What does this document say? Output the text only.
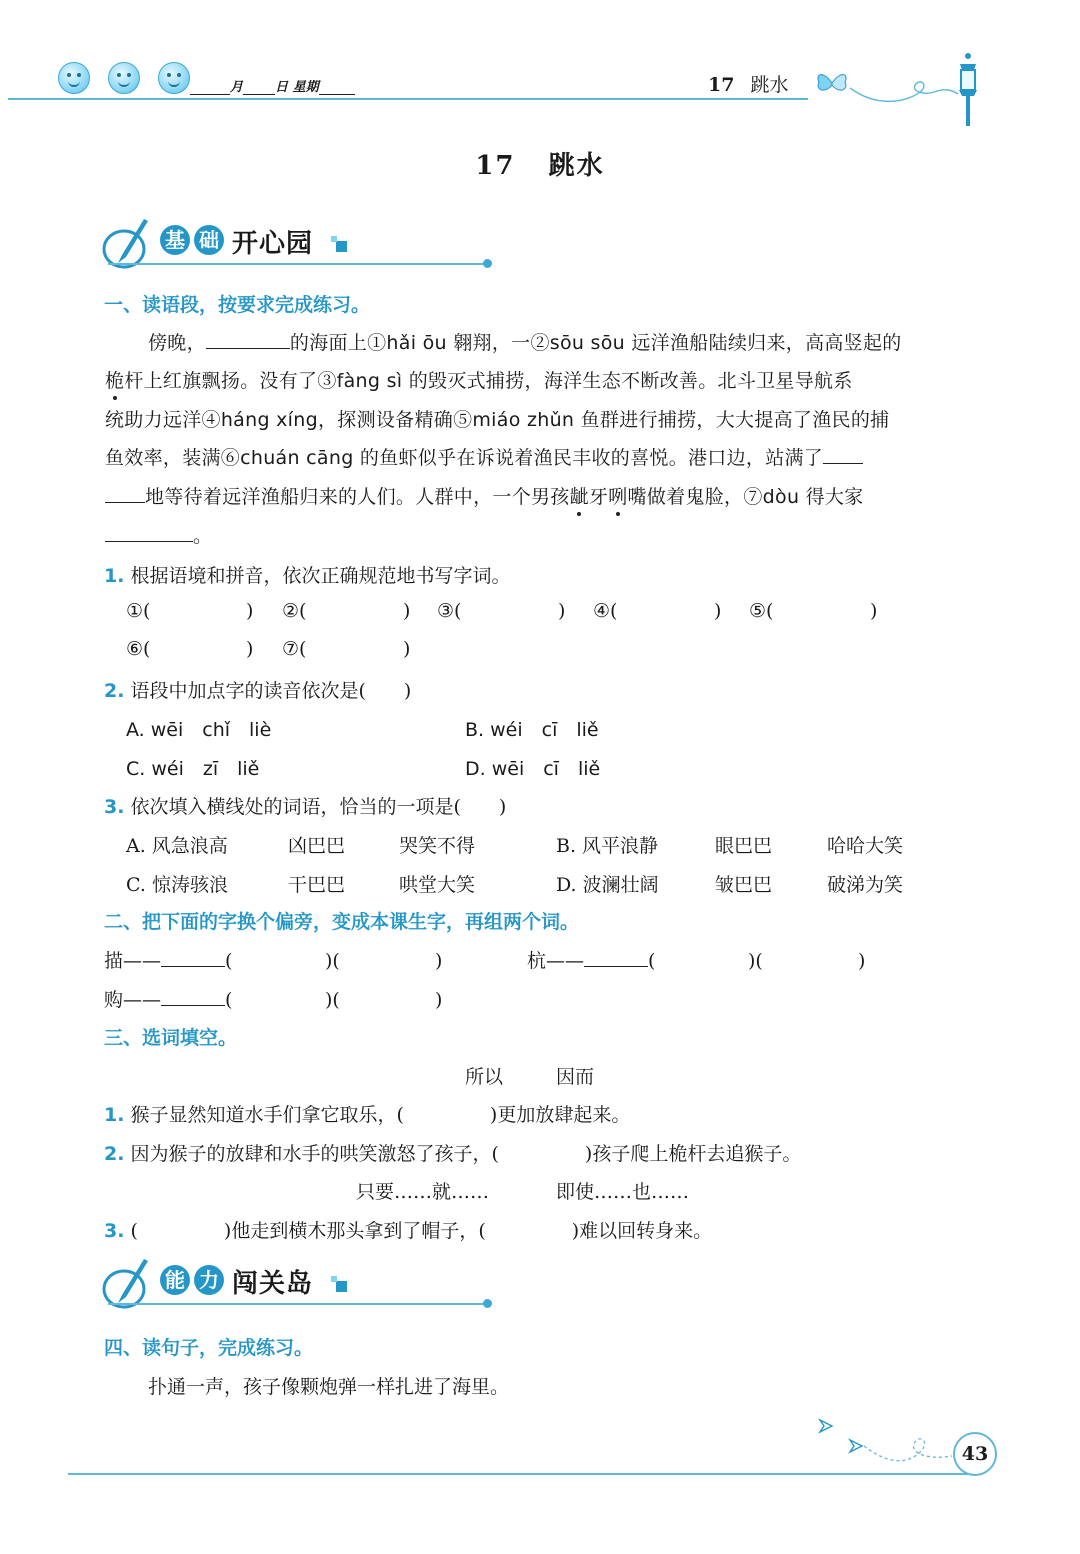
月 日 星期	17 跳水
17 跳水
基 础 开心园
一、读语段，按要求完成练习。
傍晚，	的海面上①hǎi ōu 翱翔，一②sōu sōu 远洋渔船陆续归来，高高竖起的
桅杆上红旗飘扬。没有了③fàng sì 的毁灭式捕捞，海洋生态不断改善。北斗卫星导航系
统助力远洋④háng xíng，探测设备精确⑤miáo zhǔn 鱼群进行捕捞，大大提高了渔民的捕
鱼效率，装满⑥chuán cāng 的鱼虾似乎在诉说着渔民丰收的喜悦。港口边，站满了
地等待着远洋渔船归来的人们。人群中，一个男孩龇牙咧嘴做着鬼脸，⑦dòu 得大家
。
1. 根据语境和拼音，依次正确规范地书写字词。
①(	) ②(	) ③(	) ④(	) ⑤(	)
⑥(	) ⑦(	)
2. 语段中加点字的读音依次是(　　)
A. wēi　chǐ　liè	B. wéi　cī　liě
C. wéi　zī　liě	D. wēi　cī　liě
3. 依次填入横线处的词语，恰当的一项是(　　)
A. 风急浪高	凶巴巴	哭笑不得	B. 风平浪静	眼巴巴	哈哈大笑
C. 惊涛骇浪	干巴巴	哄堂大笑	D. 波澜壮阔	皱巴巴	破涕为笑
二、把下面的字换个偏旁，变成本课生字，再组两个词。
描——	(	)(	)	杭——	(	)(	)
购——	(	)(	)
三、选词填空。
所以	因而
1. 猴子显然知道水手们拿它取乐，(	)更加放肆起来。
2. 因为猴子的放肆和水手的哄笑激怒了孩子，(	)孩子爬上桅杆去追猴子。
只要……就……	即使……也……
3. (	)他走到横木那头拿到了帽子，(	)难以回转身来。
能 力 闯关岛
四、读句子，完成练习。
扑通一声，孩子像颗炮弹一样扎进了海里。
43
